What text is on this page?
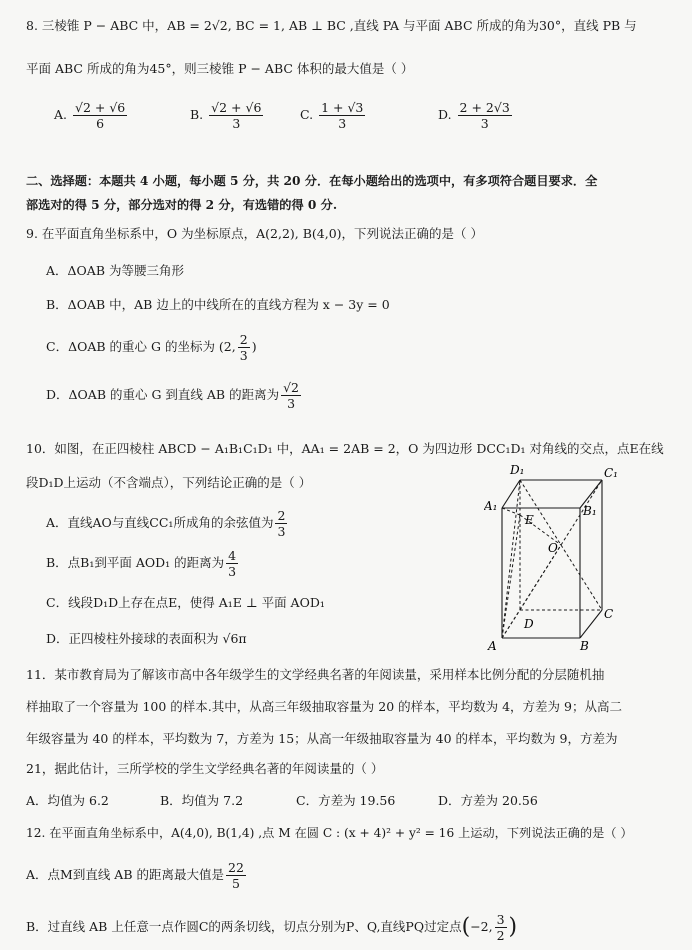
8. 三棱锥 P − ABC 中，AB = 2√2, BC = 1, AB ⊥ BC ,直线 PA 与平面 ABC 所成的角为30°，直线 PB 与
平面 ABC 所成的角为45°，则三棱锥 P − ABC 体积的最大值是（ ）
A. $\frac{√2 + √6}{6}$	B. $\frac{√2 + √6}{3}$	C. $\frac{1 + √3}{3}$	D. $\frac{2 + 2√3}{3}$
二、选择题：本题共 4 小题，每小题 5 分，共 20 分．在每小题给出的选项中，有多项符合题目要求．全
部选对的得 5 分，部分选对的得 2 分，有选错的得 0 分.
9. 在平面直角坐标系中，O 为坐标原点，A(2,2), B(4,0)，下列说法正确的是（ ）
A．ΔOAB 为等腰三角形
B．ΔOAB 中，AB 边上的中线所在的直线方程为 x − 3y = 0
C．ΔOAB 的重心 G 的坐标为 (2, $\frac{2}{3}$ )
D．ΔOAB 的重心 G 到直线 AB 的距离为 $\frac{√2}{3}$
10．如图，在正四棱柱 ABCD − A₁B₁C₁D₁ 中，AA₁ = 2AB = 2，O 为四边形 DCC₁D₁ 对角线的交点，点E在线
段D₁D上运动（不含端点），下列结论正确的是（ ）
A．直线AO与直线CC₁所成角的余弦值为 $\frac{2}{3}$
B．点B₁到平面 AOD₁ 的距离为 $\frac{4}{3}$
C．线段D₁D上存在点E，使得 A₁E ⊥ 平面 AOD₁
D．正四棱柱外接球的表面积为 √6π
D₁	C₁
A₁	B₁
E
O
C
D
A	B
11．某市教育局为了解该市高中各年级学生的文学经典名著的年阅读量，采用样本比例分配的分层随机抽
样抽取了一个容量为 100 的样本.其中，从高三年级抽取容量为 20 的样本，平均数为 4，方差为 9；从高二
年级容量为 40 的样本，平均数为 7，方差为 15；从高一年级抽取容量为 40 的样本，平均数为 9，方差为
21，据此估计，三所学校的学生文学经典名著的年阅读量的（ ）
A．均值为 6.2	B．均值为 7.2	C．方差为 19.56	D．方差为 20.56
12. 在平面直角坐标系中，A(4,0), B(1,4) ,点 M 在圆 C : (x + 4)² + y² = 16 上运动，下列说法正确的是（ ）
A．点M到直线 AB 的距离最大值是 $\frac{22}{5}$
B．过直线 AB 上任意一点作圆C的两条切线，切点分别为P、Q,直线PQ过定点(−2, $\frac{3}{2}$ )
